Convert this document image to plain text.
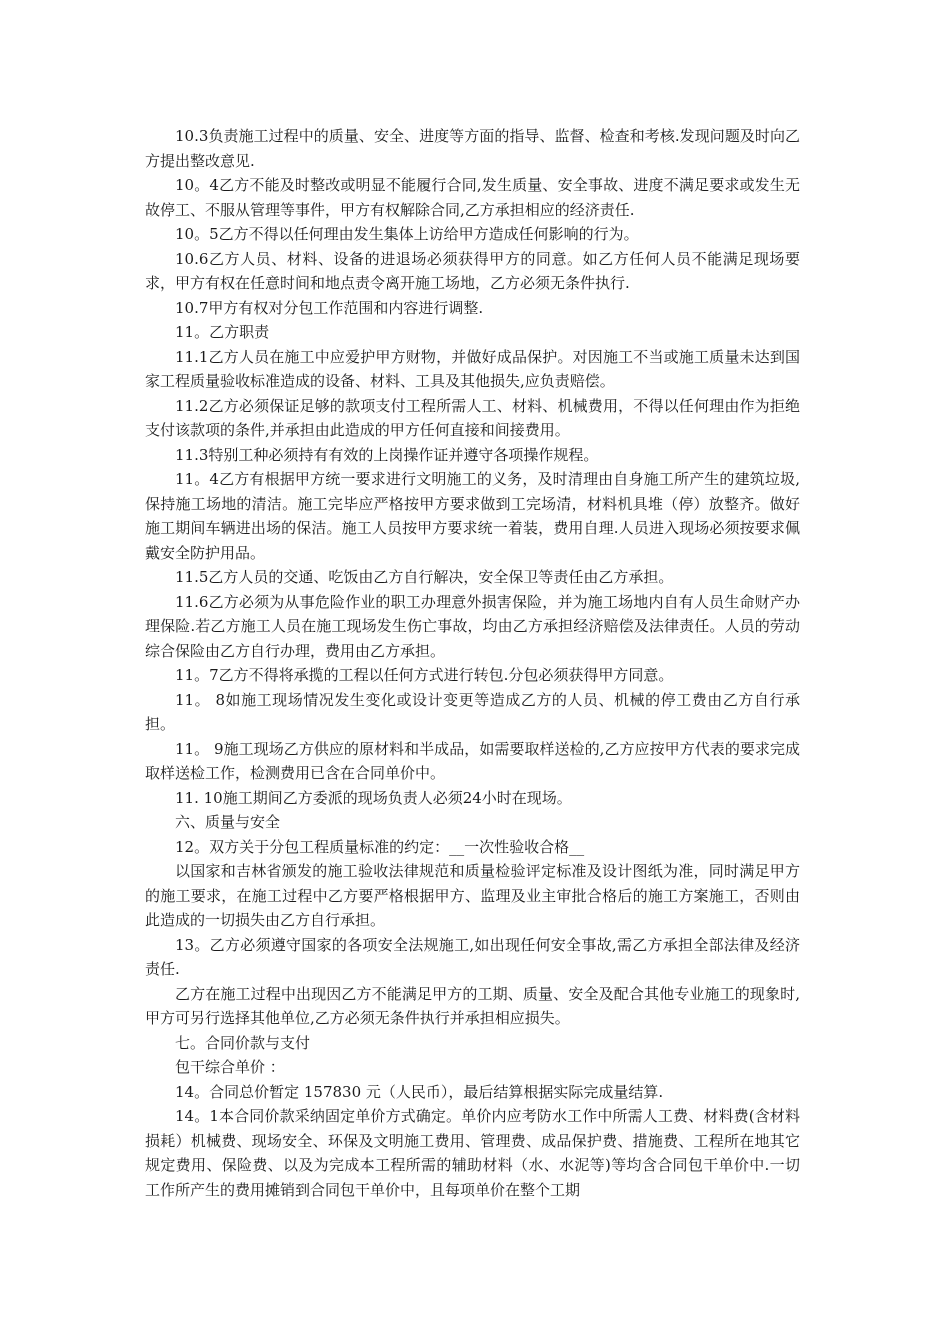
10.3负责施工过程中的质量、安全、进度等方面的指导、监督、检查和考核.发现问题及时向乙方提出整改意见.

10。4乙方不能及时整改或明显不能履行合同,发生质量、安全事故、进度不满足要求或发生无故停工、不服从管理等事件，甲方有权解除合同,乙方承担相应的经济责任.

10。5乙方不得以任何理由发生集体上访给甲方造成任何影响的行为。

10.6乙方人员、材料、设备的进退场必须获得甲方的同意。如乙方任何人员不能满足现场要求，甲方有权在任意时间和地点责令离开施工场地，乙方必须无条件执行.

10.7甲方有权对分包工作范围和内容进行调整.

11。乙方职责

11.1乙方人员在施工中应爱护甲方财物，并做好成品保护。对因施工不当或施工质量未达到国家工程质量验收标准造成的设备、材料、工具及其他损失,应负责赔偿。

11.2乙方必须保证足够的款项支付工程所需人工、材料、机械费用，不得以任何理由作为拒绝支付该款项的条件,并承担由此造成的甲方任何直接和间接费用。

11.3特别工种必须持有有效的上岗操作证并遵守各项操作规程。

11。4乙方有根据甲方统一要求进行文明施工的义务，及时清理由自身施工所产生的建筑垃圾,保持施工场地的清洁。施工完毕应严格按甲方要求做到工完场清，材料机具堆（停）放整齐。做好施工期间车辆进出场的保洁。施工人员按甲方要求统一着装，费用自理.人员进入现场必须按要求佩戴安全防护用品。

11.5乙方人员的交通、吃饭由乙方自行解决，安全保卫等责任由乙方承担。

11.6乙方必须为从事危险作业的职工办理意外损害保险，并为施工场地内自有人员生命财产办理保险.若乙方施工人员在施工现场发生伤亡事故，均由乙方承担经济赔偿及法律责任。人员的劳动综合保险由乙方自行办理，费用由乙方承担。

11。7乙方不得将承揽的工程以任何方式进行转包.分包必须获得甲方同意。

11。 8如施工现场情况发生变化或设计变更等造成乙方的人员、机械的停工费由乙方自行承担。

11。 9施工现场乙方供应的原材料和半成品，如需要取样送检的,乙方应按甲方代表的要求完成取样送检工作，检测费用已含在合同单价中。

11. 10施工期间乙方委派的现场负责人必须24小时在现场。

六、质量与安全

12。双方关于分包工程质量标准的约定：__一次性验收合格__

以国家和吉林省颁发的施工验收法律规范和质量检验评定标准及设计图纸为准，同时满足甲方的施工要求，在施工过程中乙方要严格根据甲方、监理及业主审批合格后的施工方案施工，否则由此造成的一切损失由乙方自行承担。

13。乙方必须遵守国家的各项安全法规施工,如出现任何安全事故,需乙方承担全部法律及经济责任.

乙方在施工过程中出现因乙方不能满足甲方的工期、质量、安全及配合其他专业施工的现象时,甲方可另行选择其他单位,乙方必须无条件执行并承担相应损失。

七。合同价款与支付

包干综合单价 ：

14。合同总价暂定 157830 元（人民币），最后结算根据实际完成量结算.

14。1本合同价款采纳固定单价方式确定。单价内应考防水工作中所需人工费、材料费(含材料损耗）机械费、现场安全、环保及文明施工费用、管理费、成品保护费、措施费、工程所在地其它规定费用、保险费、以及为完成本工程所需的辅助材料（水、水泥等)等均含合同包干单价中.一切工作所产生的费用摊销到合同包干单价中，且每项单价在整个工期
